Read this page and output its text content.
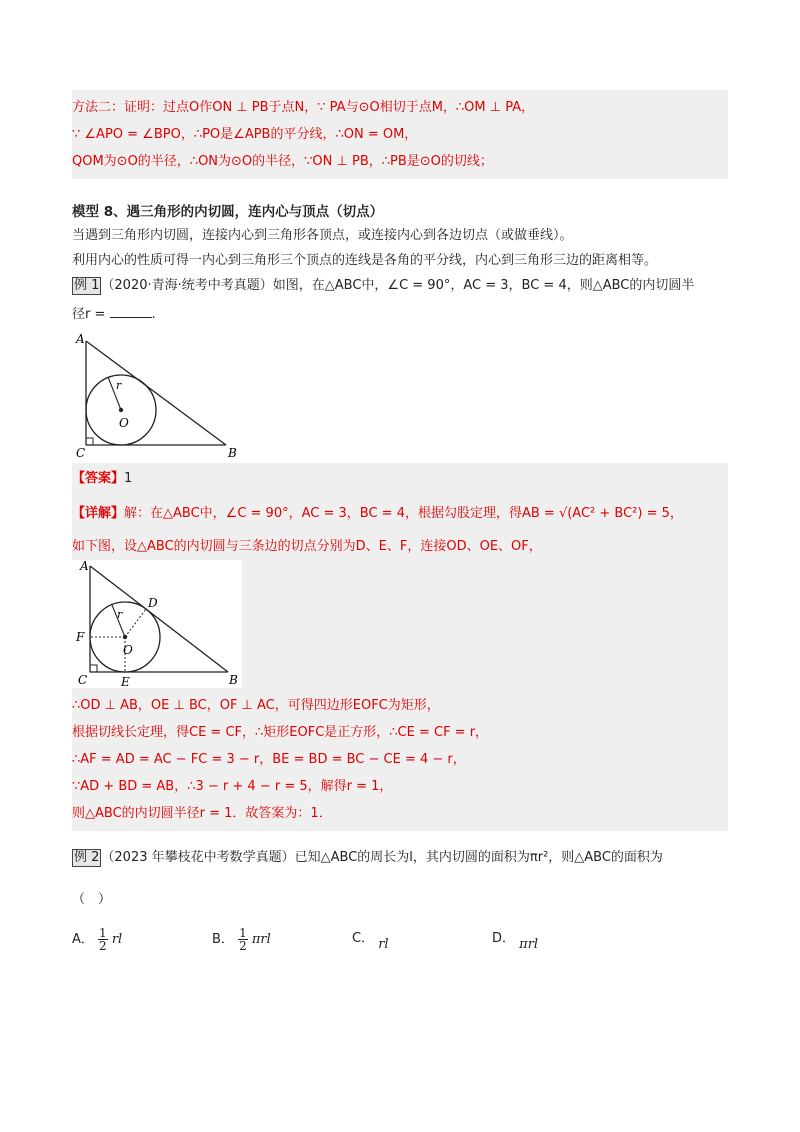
方法二：证明：过点O作ON ⊥ PB于点N，∵ PA与⊙O相切于点M，∴OM ⊥ PA，
∵ ∠APO = ∠BPO，∴PO是∠APB的平分线，∴ON = OM，
QOM为⊙O的半径，∴ON为⊙O的半径，∵ON ⊥ PB，∴PB是⊙O的切线；
模型 8、遇三角形的内切圆，连内心与顶点（切点）
当遇到三角形内切圆，连接内心到三角形各顶点，或连接内心到各边切点（或做垂线）。
利用内心的性质可得一内心到三角形三个顶点的连线是各角的平分线，内心到三角形三边的距离相等。
例 1 （2020·青海·统考中考真题）如图，在△ABC中，∠C = 90°，AC = 3，BC = 4，则△ABC的内切圆半
径r =	.
A
C	B
O
r
【答案】1
【详解】解：在△ABC中，∠C = 90°，AC = 3，BC = 4，根据勾股定理，得AB = √(AC² + BC²) = 5，
如下图，设△ABC的内切圆与三条边的切点分别为D、E、F，连接OD、OE、OF，
A
C	B
O
r
D
E
F
∴OD ⊥ AB，OE ⊥ BC，OF ⊥ AC，可得四边形EOFC为矩形，
根据切线长定理，得CE = CF，∴矩形EOFC是正方形，∴CE = CF = r，
∴AF = AD = AC − FC = 3 − r，BE = BD = BC − CE = 4 − r，
∵AD + BD = AB，∴3 − r + 4 − r = 5，解得r = 1，
则△ABC的内切圆半径r = 1．故答案为：1．
例 2 （2023 年攀枝花中考数学真题）已知△ABC的周长为l，其内切圆的面积为πr²，则△ABC的面积为
（　）
A． $\frac{1}{2}$ rl	B． $\frac{1}{2}$ πrl	C． rl	D． πrl
